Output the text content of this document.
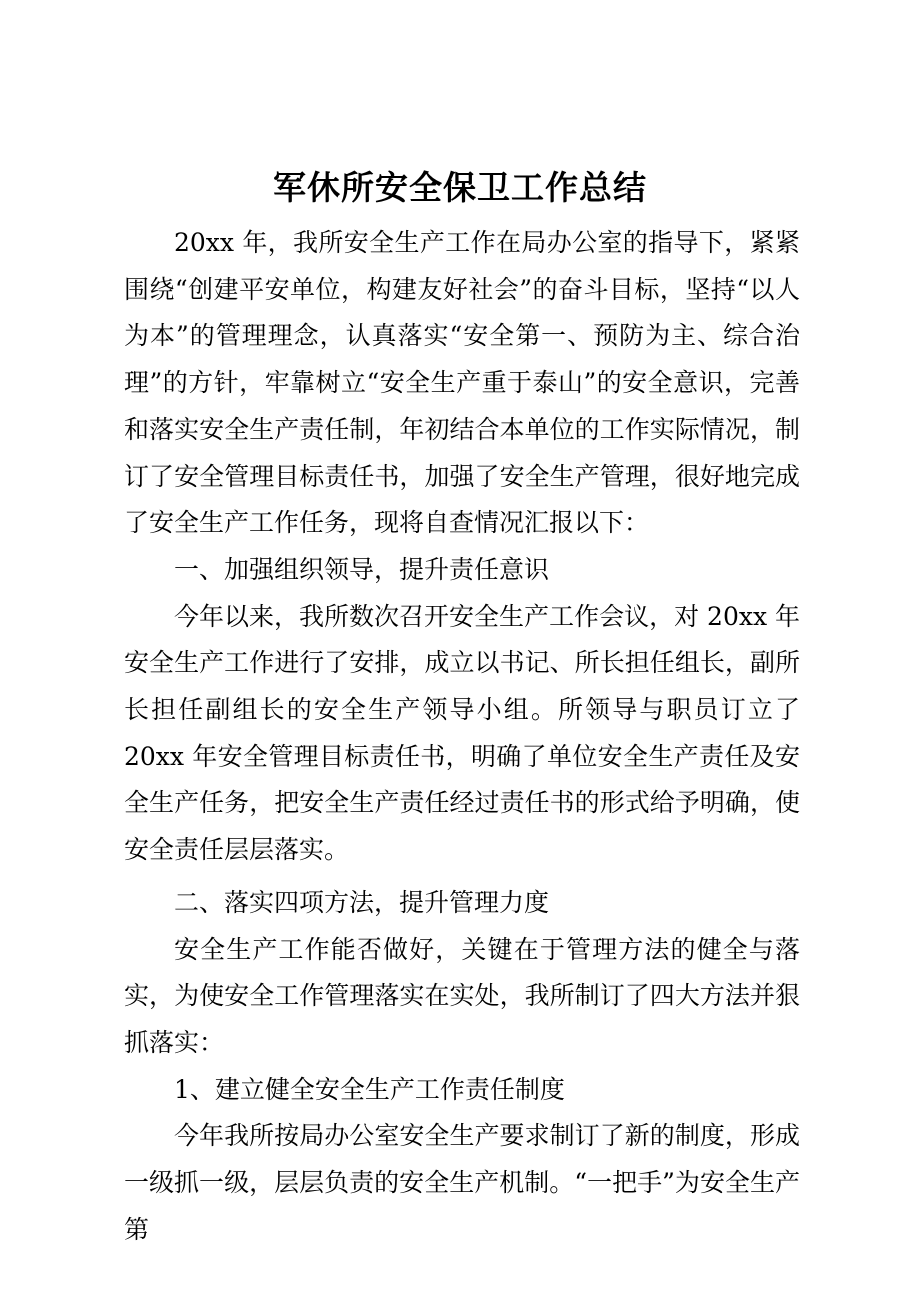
军休所安全保卫工作总结

20xx 年，我所安全生产工作在局办公室的指导下，紧紧围绕“创建平安单位，构建友好社会”的奋斗目标，坚持“以人为本”的管理理念，认真落实“安全第一、预防为主、综合治理”的方针，牢靠树立“安全生产重于泰山”的安全意识，完善和落实安全生产责任制，年初结合本单位的工作实际情况，制订了安全管理目标责任书，加强了安全生产管理，很好地完成了安全生产工作任务，现将自查情况汇报以下：

一、加强组织领导，提升责任意识

今年以来，我所数次召开安全生产工作会议，对 20xx 年安全生产工作进行了安排，成立以书记、所长担任组长，副所长担任副组长的安全生产领导小组。所领导与职员订立了 20xx 年安全管理目标责任书，明确了单位安全生产责任及安全生产任务，把安全生产责任经过责任书的形式给予明确，使安全责任层层落实。

二、落实四项方法，提升管理力度

安全生产工作能否做好，关键在于管理方法的健全与落实，为使安全工作管理落实在实处，我所制订了四大方法并狠抓落实：

1、建立健全安全生产工作责任制度

今年我所按局办公室安全生产要求制订了新的制度，形成一级抓一级，层层负责的安全生产机制。“一把手”为安全生产第
